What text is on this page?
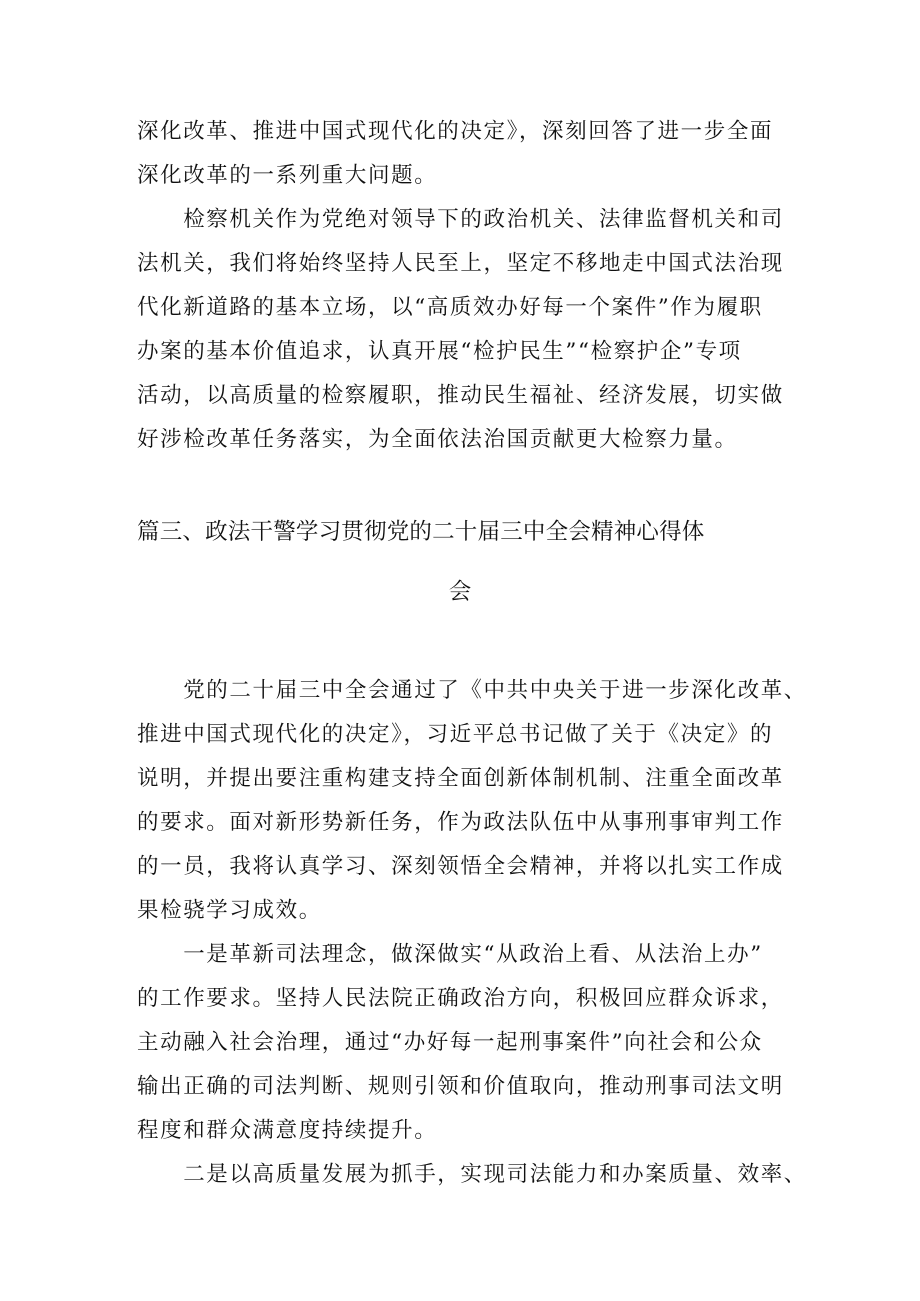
深化改革、推进中国式现代化的决定》，深刻回答了进一步全面
深化改革的一系列重大问题。
　　检察机关作为党绝对领导下的政治机关、法律监督机关和司
法机关，我们将始终坚持人民至上，坚定不移地走中国式法治现
代化新道路的基本立场，以“高质效办好每一个案件”作为履职
办案的基本价值追求，认真开展“检护民生”“检察护企”专项
活动，以高质量的检察履职，推动民生福祉、经济发展，切实做
好涉检改革任务落实，为全面依法治国贡献更大检察力量。
篇三、政法干警学习贯彻党的二十届三中全会精神心得体
会
　　党的二十届三中全会通过了《中共中央关于进一步深化改革、
推进中国式现代化的决定》，习近平总书记做了关于《决定》的
说明，并提出要注重构建支持全面创新体制机制、注重全面改革
的要求。面对新形势新任务，作为政法队伍中从事刑事审判工作
的一员，我将认真学习、深刻领悟全会精神，并将以扎实工作成
果检骁学习成效。
　　一是革新司法理念，做深做实“从政治上看、从法治上办”
的工作要求。坚持人民法院正确政治方向，积极回应群众诉求，
主动融入社会治理，通过“办好每一起刑事案件”向社会和公众
输出正确的司法判断、规则引领和价值取向，推动刑事司法文明
程度和群众满意度持续提升。
　　二是以高质量发展为抓手，实现司法能力和办案质量、效率、
